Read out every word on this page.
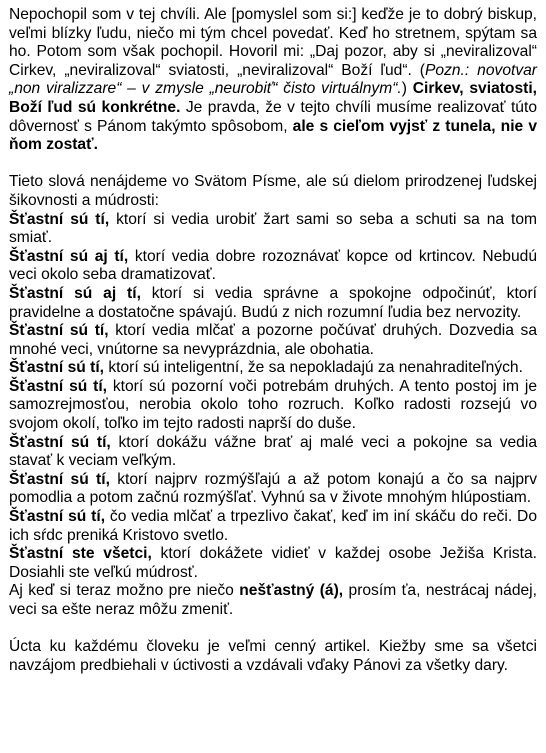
Nepochopil som v tej chvíli. Ale [pomyslel som si:] keďže je to dobrý biskup, veľmi blízky ľudu, niečo mi tým chcel povedať. Keď ho stretnem, spýtam sa ho. Potom som však pochopil. Hovoril mi: „Daj pozor, aby si „neviralizoval“ Cirkev, „neviralizoval“ sviatosti, „neviralizoval“ Boží ľud“. (Pozn.: novotvar „non viralizzare“ – v zmysle „neurobiť“ čisto virtuálnym“.) Cirkev, sviatosti, Boží ľud sú konkrétne. Je pravda, že v tejto chvíli musíme realizovať túto dôvernosť s Pánom takýmto spôsobom, ale s cieľom vyjsť z tunela, nie v ňom zostať.

Tieto slová nenájdeme vo Svätom Písme, ale sú dielom prirodzenej ľudskej šikovnosti a múdrosti:

Šťastní sú tí, ktorí si vedia urobiť žart sami so seba a schuti sa na tom smiať.

Šťastní sú aj tí, ktorí vedia dobre rozoznávať kopce od krtincov. Nebudú veci okolo seba dramatizovať.

Šťastní sú aj tí, ktorí si vedia správne a spokojne odpočinúť, ktorí pravidelne a dostatočne spávajú. Budú z nich rozumní ľudia bez nervozity.

Šťastní sú tí, ktorí vedia mlčať a pozorne počúvať druhých. Dozvedia sa mnohé veci, vnútorne sa nevyprázdnia, ale obohatia.

Šťastní sú tí, ktorí sú inteligentní, že sa nepokladajú za nenahraditeľných.

Šťastní sú tí, ktorí sú pozorní voči potrebám druhých. A tento postoj im je samozrejmosťou, nerobia okolo toho rozruch. Koľko radosti rozsejú vo svojom okolí, toľko im tejto radosti naprší do duše.

Šťastní sú tí, ktorí dokážu vážne brať aj malé veci a pokojne sa vedia stavať k veciam veľkým.

Šťastní sú tí, ktorí najprv rozmýšľajú a až potom konajú a čo sa najprv pomodlia a potom začnú rozmýšľať. Vyhnú sa v živote mnohým hlúpostiam.

Šťastní sú tí, čo vedia mlčať a trpezlivo čakať, keď im iní skáču do reči. Do ich sŕdc preniká Kristovo svetlo.

Šťastní ste všetci, ktorí dokážete vidieť v každej osobe Ježiša Krista. Dosiahli ste veľkú múdrosť.

Aj keď si teraz možno pre niečo nešťastný (á), prosím ťa, nestrácaj nádej, veci sa ešte neraz môžu zmeniť.

Úcta ku každému človeku je veľmi cenný artikel. Kiežby sme sa všetci navzájom predbiehali v úctivosti a vzdávali vďaky Pánovi za všetky dary.
